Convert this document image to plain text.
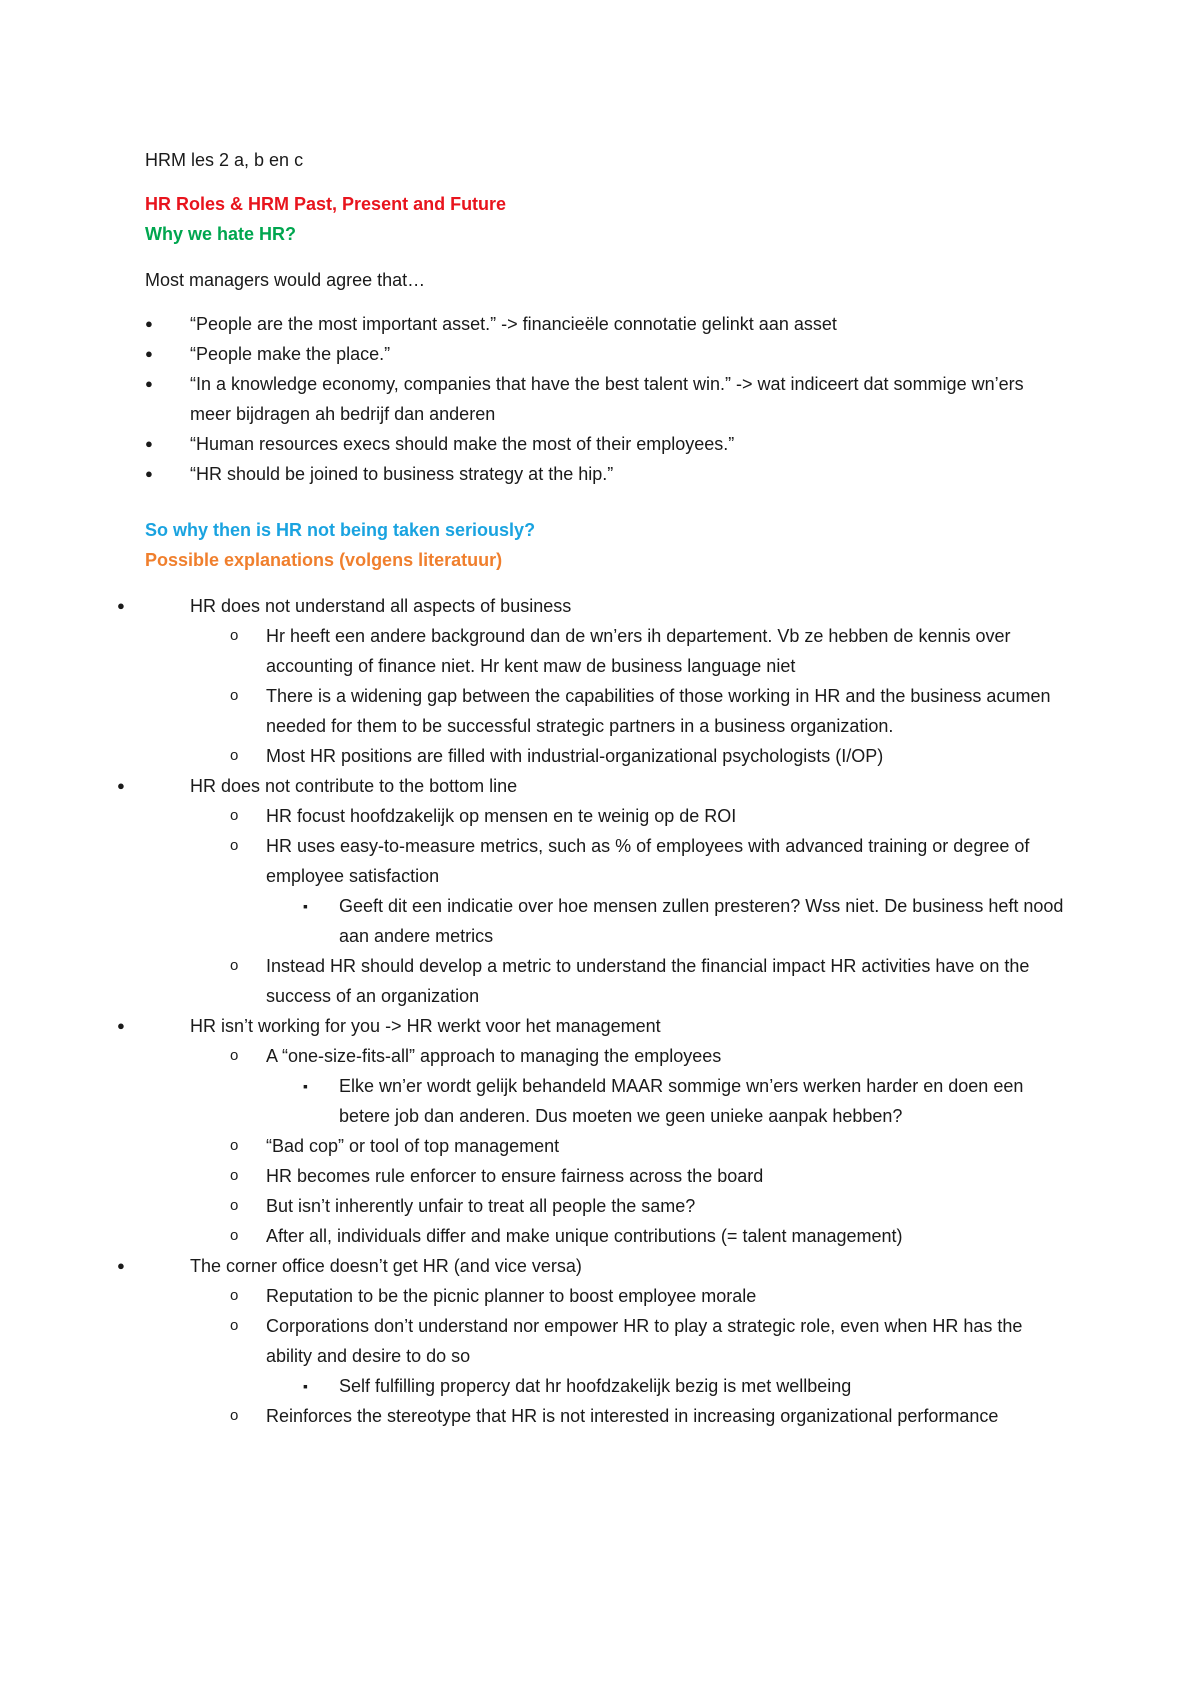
HRM les 2 a, b en c

HR Roles & HRM Past, Present and Future

Why we hate HR?

Most managers would agree that…

● “People are the most important asset.” -> financieële connotatie gelinkt aan asset
● “People make the place.”
● “In a knowledge economy, companies that have the best talent win.” -> wat indiceert dat sommige wn’ers meer bijdragen ah bedrijf dan anderen
● “Human resources execs should make the most of their employees.”
● “HR should be joined to business strategy at the hip.”

So why then is HR not being taken seriously?

Possible explanations (volgens literatuur)

● HR does not understand all aspects of business
o Hr heeft een andere background dan de wn’ers ih departement. Vb ze hebben de kennis over accounting of finance niet. Hr kent maw de business language niet
o There is a widening gap between the capabilities of those working in HR and the business acumen needed for them to be successful strategic partners in a business organization.
o Most HR positions are filled with industrial-organizational psychologists (I/OP)
● HR does not contribute to the bottom line
o HR focust hoofdzakelijk op mensen en te weinig op de ROI
o HR uses easy-to-measure metrics, such as % of employees with advanced training or degree of employee satisfaction
▪ Geeft dit een indicatie over hoe mensen zullen presteren? Wss niet. De business heft nood aan andere metrics
o Instead HR should develop a metric to understand the financial impact HR activities have on the success of an organization
● HR isn’t working for you -> HR werkt voor het management
o A “one-size-fits-all” approach to managing the employees
▪ Elke wn’er wordt gelijk behandeld MAAR sommige wn’ers werken harder en doen een betere job dan anderen. Dus moeten we geen unieke aanpak hebben?
o “Bad cop” or tool of top management
o HR becomes rule enforcer to ensure fairness across the board
o But isn’t inherently unfair to treat all people the same?
o After all, individuals differ and make unique contributions (= talent management)
● The corner office doesn’t get HR (and vice versa)
o Reputation to be the picnic planner to boost employee morale
o Corporations don’t understand nor empower HR to play a strategic role, even when HR has the ability and desire to do so
▪ Self fulfilling propercy dat hr hoofdzakelijk bezig is met wellbeing
o Reinforces the stereotype that HR is not interested in increasing organizational performance
